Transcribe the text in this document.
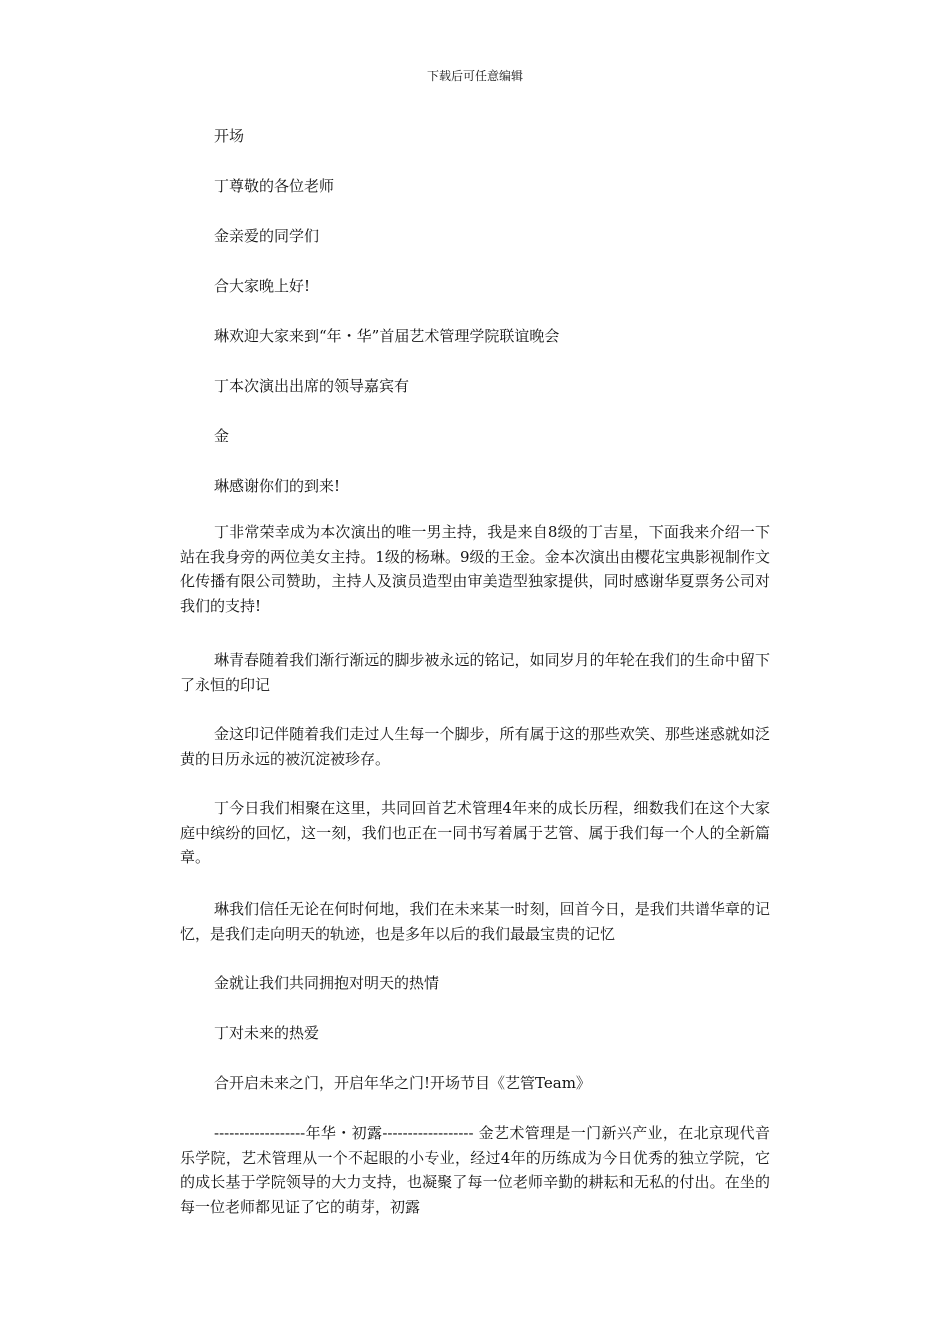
下载后可任意编辑
开场
丁尊敬的各位老师
金亲爱的同学们
合大家晚上好!
琳欢迎大家来到“年・华”首届艺术管理学院联谊晚会
丁本次演出出席的领导嘉宾有
金
琳感谢你们的到来!
丁非常荣幸成为本次演出的唯一男主持，我是来自8级的丁吉星，下面我来介绍一下站在我身旁的两位美女主持。1级的杨琳。9级的王金。金本次演出由樱花宝典影视制作文化传播有限公司赞助，主持人及演员造型由审美造型独家提供，同时感谢华夏票务公司对我们的支持!
琳青春随着我们渐行渐远的脚步被永远的铭记，如同岁月的年轮在我们的生命中留下了永恒的印记
金这印记伴随着我们走过人生每一个脚步，所有属于这的那些欢笑、那些迷惑就如泛黄的日历永远的被沉淀被珍存。
丁今日我们相聚在这里，共同回首艺术管理4年来的成长历程，细数我们在这个大家庭中缤纷的回忆，这一刻，我们也正在一同书写着属于艺管、属于我们每一个人的全新篇章。
琳我们信任无论在何时何地，我们在未来某一时刻，回首今日，是我们共谱华章的记忆，是我们走向明天的轨迹，也是多年以后的我们最最宝贵的记忆
金就让我们共同拥抱对明天的热情
丁对未来的热爱
合开启未来之门，开启年华之门!开场节目《艺管Team》
------------------年华・初露------------------ 金艺术管理是一门新兴产业，在北京现代音乐学院，艺术管理从一个不起眼的小专业，经过4年的历练成为今日优秀的独立学院，它的成长基于学院领导的大力支持，也凝聚了每一位老师辛勤的耕耘和无私的付出。在坐的每一位老师都见证了它的萌芽，初露
